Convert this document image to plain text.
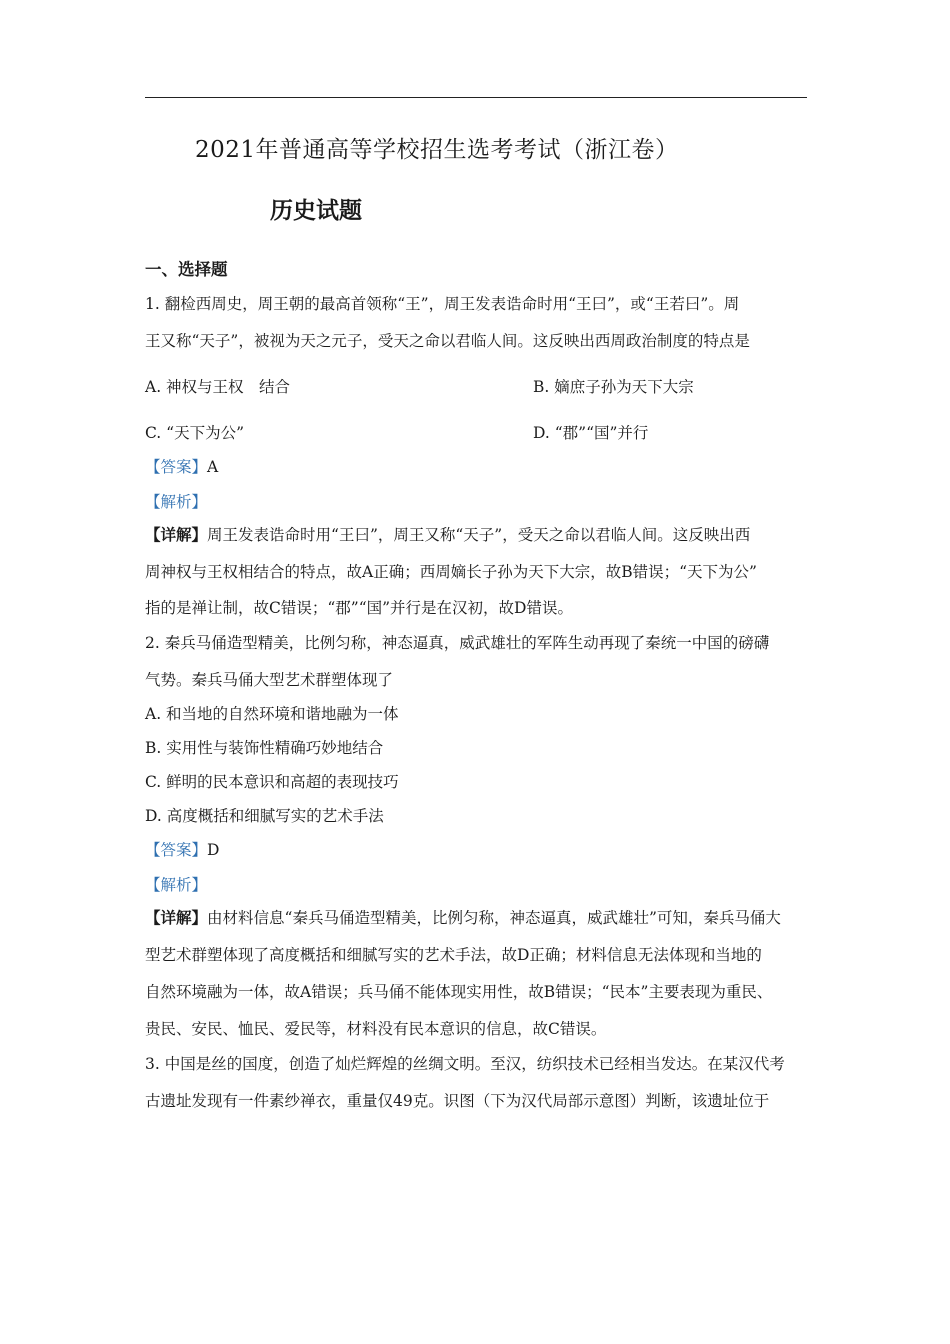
2021年普通高等学校招生选考考试（浙江卷）
历史试题
一、选择题
1. 翻检西周史，周王朝的最高首领称“王”，周王发表诰命时用“王曰”，或“王若曰”。周
王又称“天子”，被视为天之元子，受天之命以君临人间。这反映出西周政治制度的特点是
A. 神权与王权　结合	B. 嫡庶子孙为天下大宗
C. “天下为公”	D. “郡”“国”并行
【答案】A
【解析】
【详解】周王发表诰命时用“王曰”，周王又称“天子”，受天之命以君临人间。这反映出西
周神权与王权相结合的特点，故A正确；西周嫡长子孙为天下大宗，故B错误；“天下为公”
指的是禅让制，故C错误；“郡”“国”并行是在汉初，故D错误。
2. 秦兵马俑造型精美，比例匀称，神态逼真，威武雄壮的军阵生动再现了秦统一中国的磅礴
气势。秦兵马俑大型艺术群塑体现了
A. 和当地的自然环境和谐地融为一体
B. 实用性与装饰性精确巧妙地结合
C. 鲜明的民本意识和高超的表现技巧
D. 高度概括和细腻写实的艺术手法
【答案】D
【解析】
【详解】由材料信息“秦兵马俑造型精美，比例匀称，神态逼真，威武雄壮”可知，秦兵马俑大
型艺术群塑体现了高度概括和细腻写实的艺术手法，故D正确；材料信息无法体现和当地的
自然环境融为一体，故A错误；兵马俑不能体现实用性，故B错误；“民本”主要表现为重民、
贵民、安民、恤民、爱民等，材料没有民本意识的信息，故C错误。
3. 中国是丝的国度，创造了灿烂辉煌的丝绸文明。至汉，纺织技术已经相当发达。在某汉代考
古遗址发现有一件素纱禅衣，重量仅49克。识图（下为汉代局部示意图）判断，该遗址位于
